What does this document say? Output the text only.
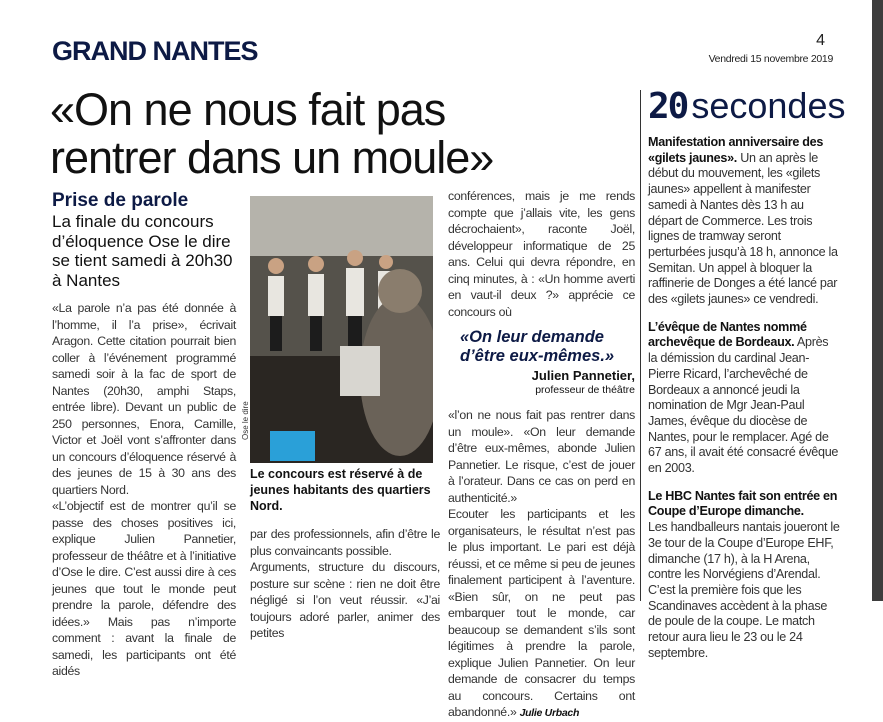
GRAND NANTES	4
Vendredi 15 novembre 2019
«On ne nous fait pas rentrer dans un moule»
Prise de parole
La finale du concours d’éloquence Ose le dire se tient samedi à 20h30 à Nantes

«La parole n’a pas été donnée à l’homme, il l’a prise», écrivait Aragon. Cette citation pourrait bien coller à l’événement programmé samedi soir à la fac de sport de Nantes (20h30, amphi Staps, entrée libre). Devant un public de 250 personnes, Enora, Camille, Victor et Joël vont s’affronter dans un concours d’éloquence réservé à des jeunes de 15 à 30 ans des quartiers Nord.

«L’objectif est de montrer qu’il se passe des choses positives ici, explique Julien Pannetier, professeur de théâtre et à l’initiative d’Ose le dire. C’est aussi dire à ces jeunes que tout le monde peut prendre la parole, défendre des idées.» Mais pas n’importe comment : avant la finale de samedi, les participants ont été aidés

Ose le dire
Le concours est réservé à de jeunes habitants des quartiers Nord.

par des professionnels, afin d’être le plus convaincants possible.

Arguments, structure du discours, posture sur scène : rien ne doit être négligé si l’on veut réussir. «J’ai toujours adoré parler, animer des petites

conférences, mais je me rends compte que j’allais vite, les gens décrochaient», raconte Joël, développeur informatique de 25 ans. Celui qui devra répondre, en cinq minutes, à : «Un homme averti en vaut-il deux ?» apprécie ce concours où

«On leur demande d’être eux-mêmes.»
Julien Pannetier,
professeur de théâtre

«l’on ne nous fait pas rentrer dans un moule». «On leur demande d’être eux-mêmes, abonde Julien Pannetier. Le risque, c’est de jouer à l’orateur. Dans ce cas on perd en authenticité.»

Ecouter les participants et les organisateurs, le résultat n’est pas le plus important. Le pari est déjà réussi, et ce même si peu de jeunes finalement participent à l’aventure. «Bien sûr, on ne peut pas embarquer tout le monde, car beaucoup se demandent s’ils sont légitimes à prendre la parole, explique Julien Pannetier. On leur demande de consacrer du temps au concours. Certains ont abandonné.» Julie Urbach

20 secondes
Manifestation anniversaire des «gilets jaunes». Un an après le début du mouvement, les «gilets jaunes» appellent à manifester samedi à Nantes dès 13 h au départ de Commerce. Les trois lignes de tramway seront perturbées jusqu’à 18 h, annonce la Semitan. Un appel à bloquer la raffinerie de Donges a été lancé par des «gilets jaunes» ce vendredi.
L’évêque de Nantes nommé archevêque de Bordeaux. Après la démission du cardinal Jean-Pierre Ricard, l’archevêché de Bordeaux a annoncé jeudi la nomination de Mgr Jean-Paul James, évêque du diocèse de Nantes, pour le remplacer. Agé de 67 ans, il avait été consacré évêque en 2003.
Le HBC Nantes fait son entrée en Coupe d’Europe dimanche.
Les handballeurs nantais joueront le 3e tour de la Coupe d’Europe EHF, dimanche (17 h), à la H Arena, contre les Norvégiens d’Arendal. C’est la première fois que les Scandinaves accèdent à la phase de poule de la coupe. Le match retour aura lieu le 23 ou le 24 septembre.
